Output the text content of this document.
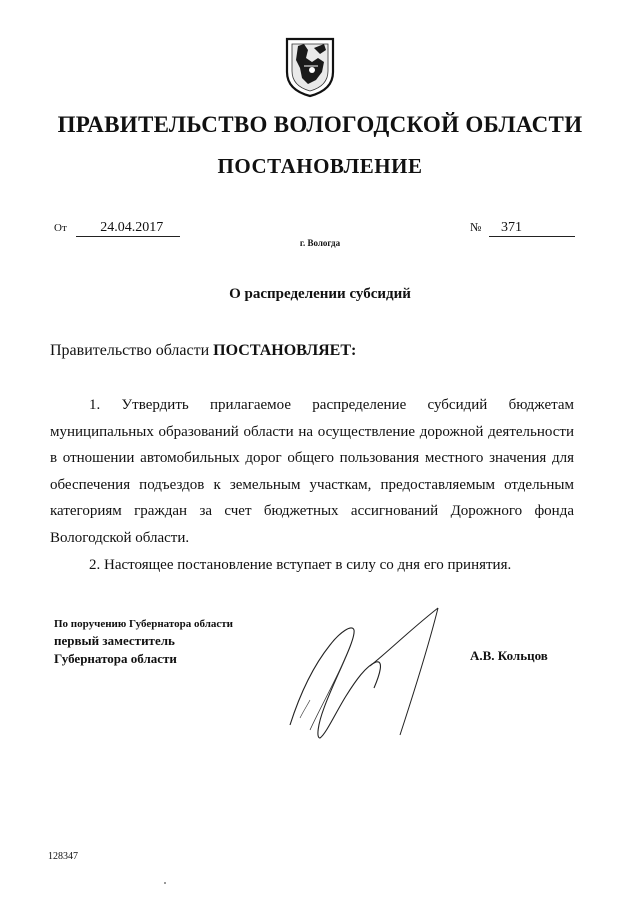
ПРАВИТЕЛЬСТВО ВОЛОГОДСКОЙ ОБЛАСТИ
ПОСТАНОВЛЕНИЕ
От 24.04.2017	№ 371
г. Вологда
О распределении субсидий
Правительство области ПОСТАНОВЛЯЕТ:

1. Утвердить прилагаемое распределение субсидий бюджетам муниципальных образований области на осуществление дорожной деятельности в отношении автомобильных дорог общего пользования местного значения для обеспечения подъездов к земельным участкам, предоставляемым отдельным категориям граждан за счет бюджетных ассигнований Дорожного фонда Вологодской области.

2. Настоящее постановление вступает в силу со дня его принятия.

По поручению Губернатора области
первый заместитель
Губернатора области	А.В. Кольцов
128347
